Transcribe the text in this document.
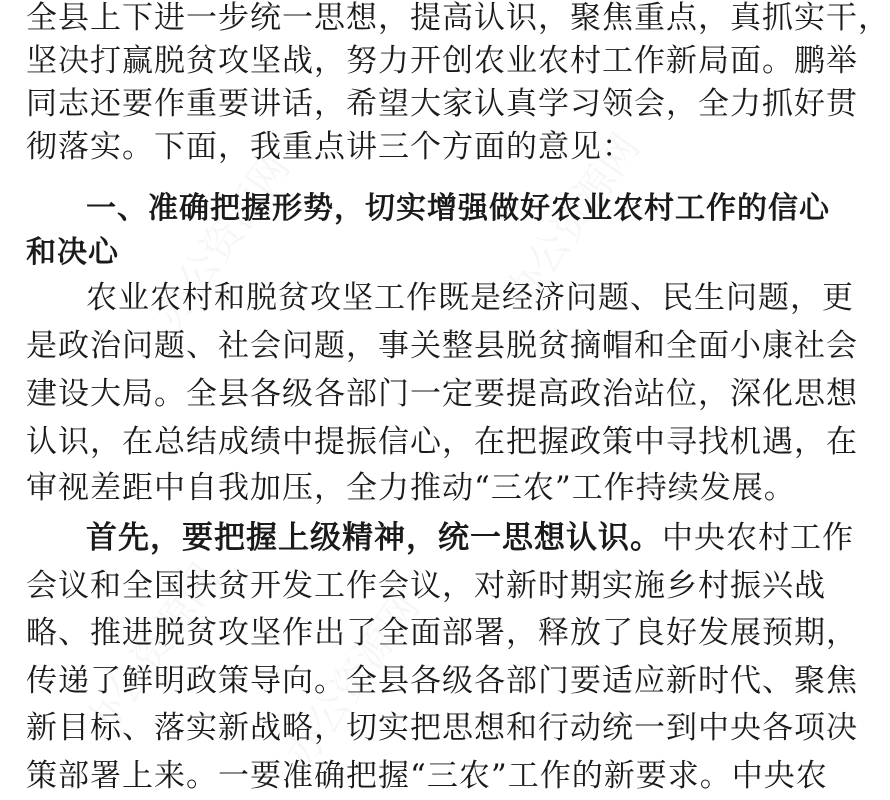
办公资源网	办公资源网
办公资源网
办公资源网
全县上下进一步统一思想，提高认识，聚焦重点，真抓实干，
坚决打赢脱贫攻坚战，努力开创农业农村工作新局面。鹏举
同志还要作重要讲话，希望大家认真学习领会，全力抓好贯
彻落实。下面，我重点讲三个方面的意见：
一、准确把握形势，切实增强做好农业农村工作的信心
和决心
农业农村和脱贫攻坚工作既是经济问题、民生问题，更
是政治问题、社会问题，事关整县脱贫摘帽和全面小康社会
建设大局。全县各级各部门一定要提高政治站位，深化思想
认识，在总结成绩中提振信心，在把握政策中寻找机遇，在
审视差距中自我加压，全力推动“三农”工作持续发展。
首先，要把握上级精神，统一思想认识。中央农村工作
会议和全国扶贫开发工作会议，对新时期实施乡村振兴战
略、推进脱贫攻坚作出了全面部署，释放了良好发展预期，
传递了鲜明政策导向。全县各级各部门要适应新时代、聚焦
新目标、落实新战略，切实把思想和行动统一到中央各项决
策部署上来。一要准确把握“三农”工作的新要求。中央农
